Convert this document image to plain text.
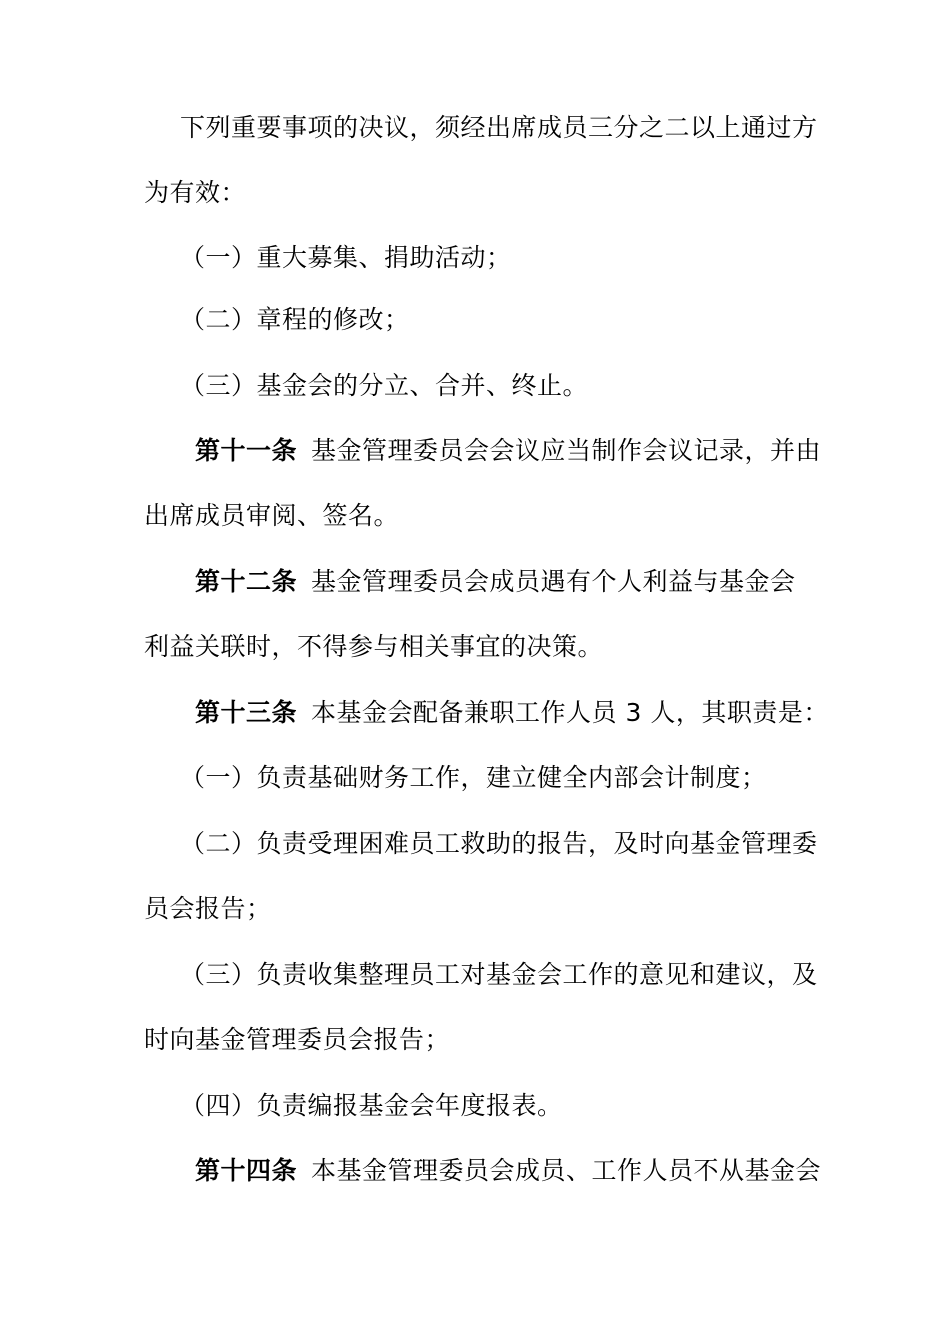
下列重要事项的决议，须经出席成员三分之二以上通过方
为有效：
（一）重大募集、捐助活动；
（二）章程的修改；
（三）基金会的分立、合并、终止。
第十一条 基金管理委员会会议应当制作会议记录，并由
出席成员审阅、签名。
第十二条 基金管理委员会成员遇有个人利益与基金会
利益关联时，不得参与相关事宜的决策。
第十三条 本基金会配备兼职工作人员 3 人，其职责是：
（一）负责基础财务工作，建立健全内部会计制度；
（二）负责受理困难员工救助的报告，及时向基金管理委
员会报告；
（三）负责收集整理员工对基金会工作的意见和建议，及
时向基金管理委员会报告；
（四）负责编报基金会年度报表。
第十四条 本基金管理委员会成员、工作人员不从基金会
